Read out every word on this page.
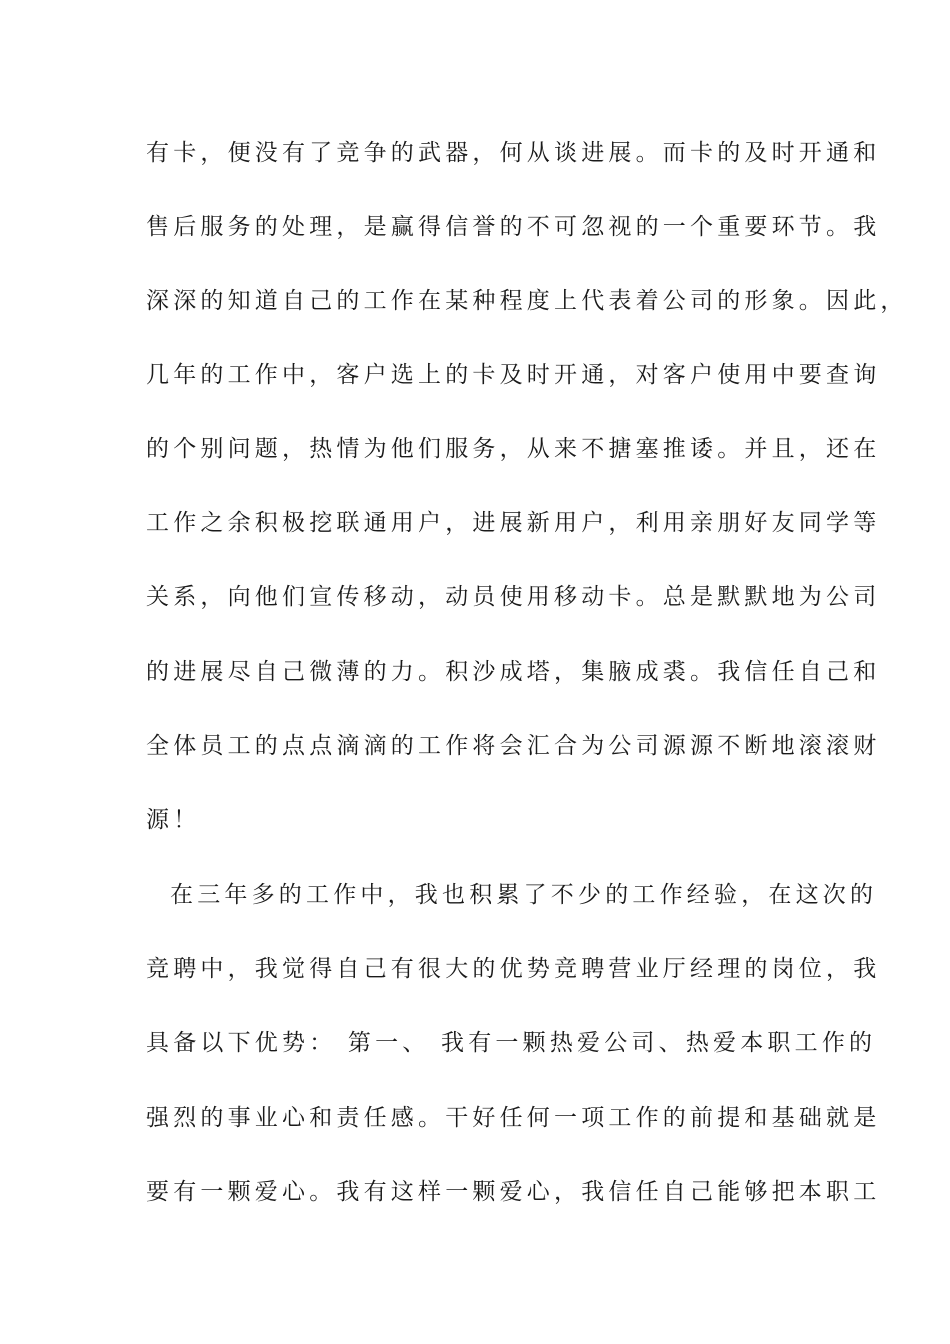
有卡，便没有了竞争的武器，何从谈进展。而卡的及时开通和
售后服务的处理，是赢得信誉的不可忽视的一个重要环节。我
深深的知道自己的工作在某种程度上代表着公司的形象。因此，
几年的工作中，客户选上的卡及时开通，对客户使用中要查询
的个别问题，热情为他们服务，从来不搪塞推诿。并且，还在
工作之余积极挖联通用户，进展新用户，利用亲朋好友同学等
关系，向他们宣传移动，动员使用移动卡。总是默默地为公司
的进展尽自己微薄的力。积沙成塔，集腋成裘。我信任自己和
全体员工的点点滴滴的工作将会汇合为公司源源不断地滚滚财
源！
在三年多的工作中，我也积累了不少的工作经验，在这次的
竞聘中，我觉得自己有很大的优势竞聘营业厅经理的岗位，我
具备以下优势： 第一、 我有一颗热爱公司、热爱本职工作的
强烈的事业心和责任感。干好任何一项工作的前提和基础就是
要有一颗爱心。我有这样一颗爱心，我信任自己能够把本职工
